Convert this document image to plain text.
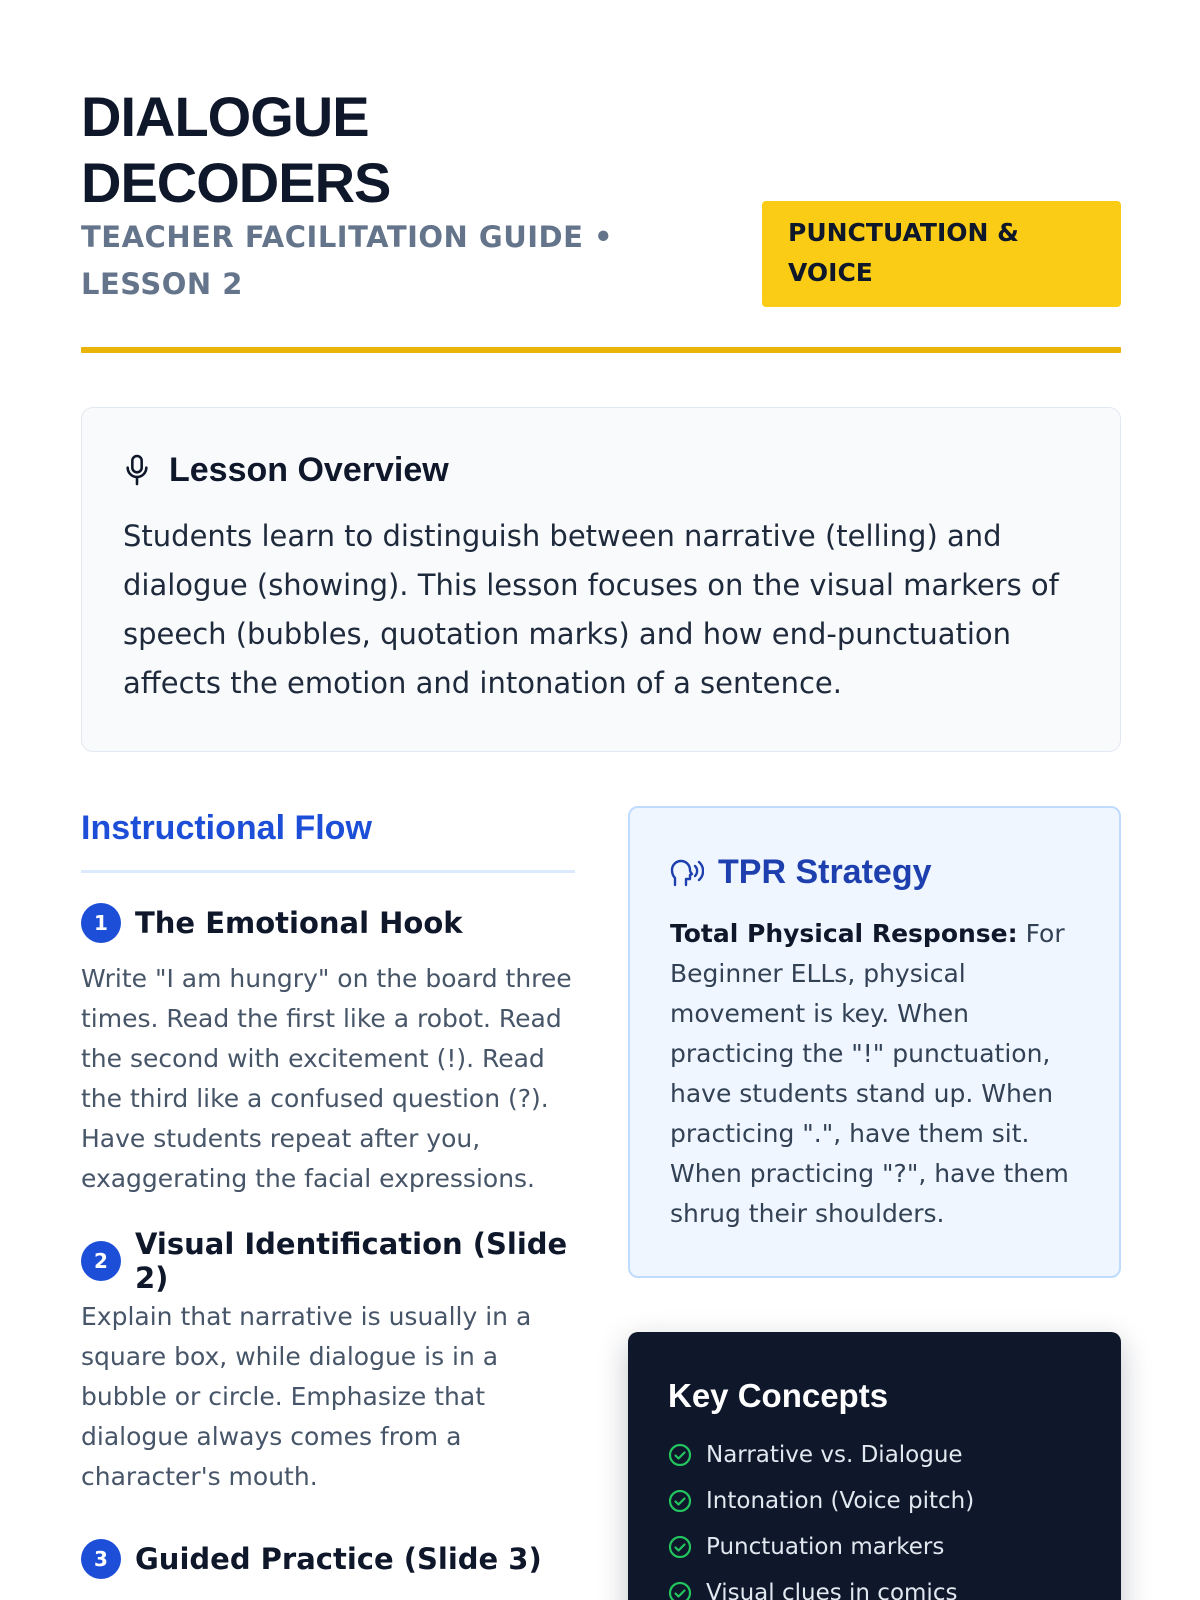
DIALOGUE
DECODERS
TEACHER FACILITATION GUIDE • LESSON 2
PUNCTUATION & VOICE
Lesson Overview

Students learn to distinguish between narrative (telling) and dialogue (showing). This lesson focuses on the visual markers of speech (bubbles, quotation marks) and how end-punctuation affects the emotion and intonation of a sentence.

Instructional Flow
1 The Emotional Hook

Write "I am hungry" on the board three times. Read the first like a robot. Read the second with excitement (!). Read the third like a confused question (?). Have students repeat after you, exaggerating the facial expressions.

2 Visual Identification (Slide 2)

Explain that narrative is usually in a square box, while dialogue is in a bubble or circle. Emphasize that dialogue always comes from a character's mouth.

3 Guided Practice (Slide 3)
TPR Strategy

Total Physical Response: For Beginner ELLs, physical movement is key. When practicing the "!" punctuation, have students stand up. When practicing ".", have them sit. When practicing "?", have them shrug their shoulders.

Key Concepts
Narrative vs. Dialogue
Intonation (Voice pitch)
Punctuation markers
Visual clues in comics
